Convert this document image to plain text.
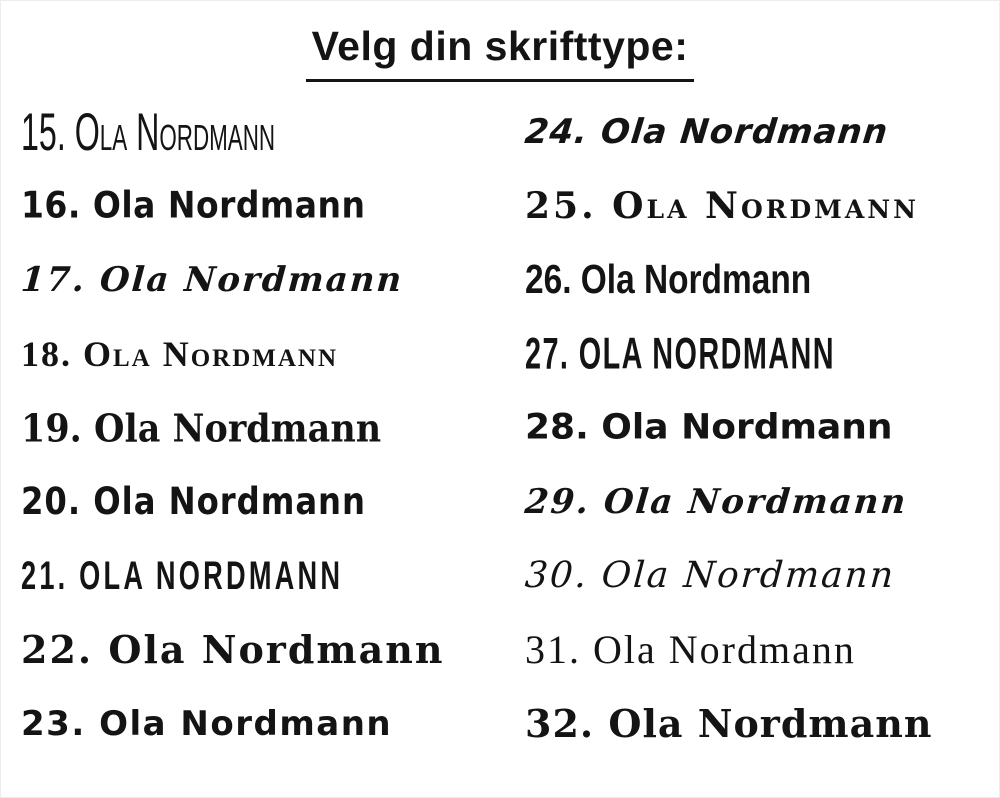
Velg din skrifttype:
15. Ola Nordmann
16. Ola Nordmann
17. Ola Nordmann
18. Ola Nordmann
19. Ola Nordmann
20. Ola Nordmann
21. OLA NORDMANN
22. Ola Nordmann
23. Ola Nordmann
24. Ola Nordmann
25. Ola Nordmann
26. Ola Nordmann
27. OLA NORDMANN
28. Ola Nordmann
29. Ola Nordmann
30. Ola Nordmann
31. Ola Nordmann
32. Ola Nordmann
